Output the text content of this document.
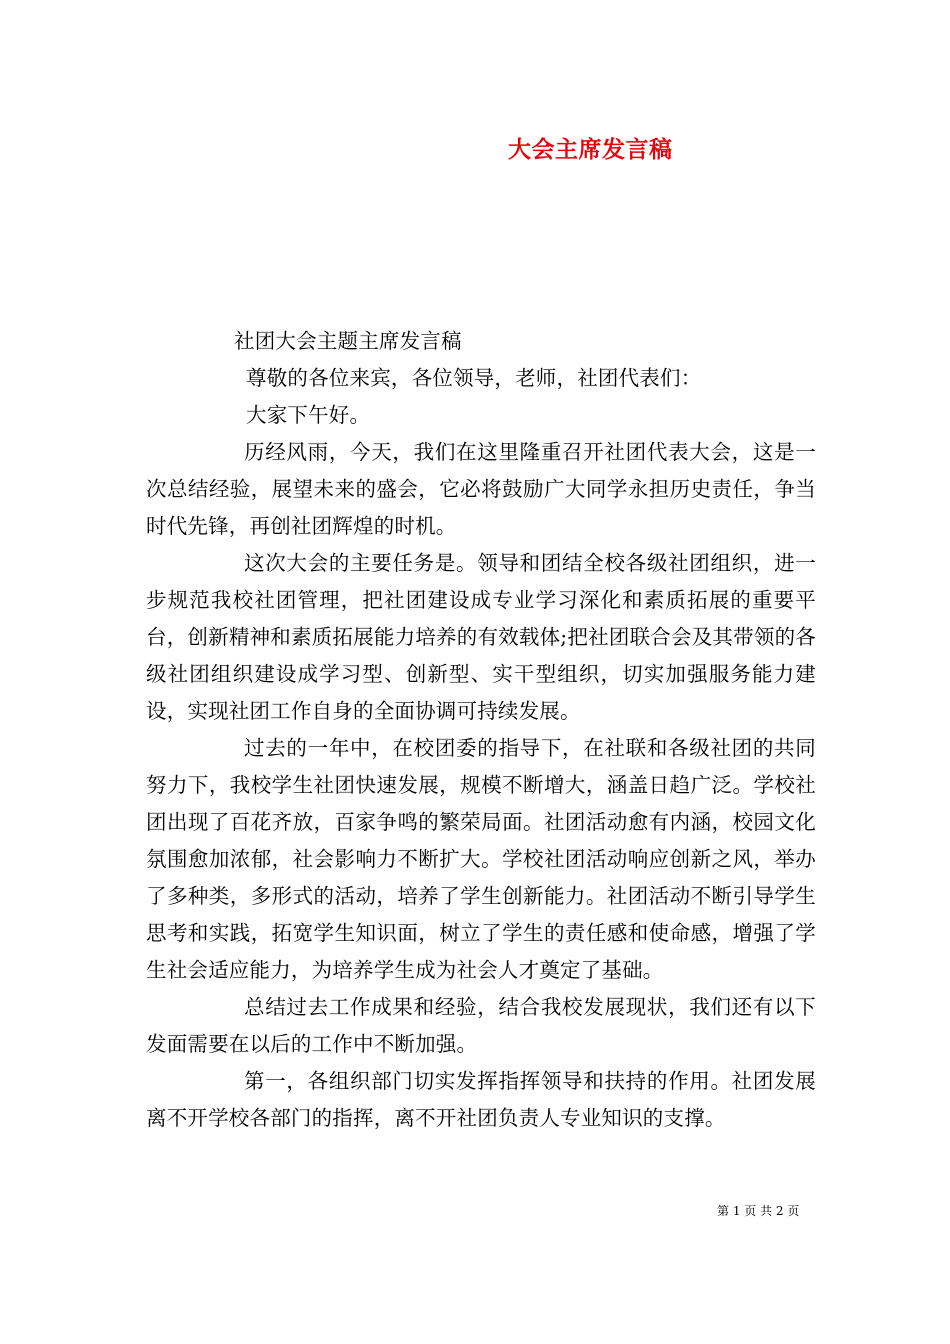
大会主席发言稿

社团大会主题主席发言稿

尊敬的各位来宾，各位领导，老师，社团代表们：

大家下午好。

历经风雨，今天，我们在这里隆重召开社团代表大会，这是一次总结经验，展望未来的盛会，它必将鼓励广大同学永担历史责任，争当时代先锋，再创社团辉煌的时机。

这次大会的主要任务是。领导和团结全校各级社团组织，进一步规范我校社团管理，把社团建设成专业学习深化和素质拓展的重要平台，创新精神和素质拓展能力培养的有效载体;把社团联合会及其带领的各级社团组织建设成学习型、创新型、实干型组织，切实加强服务能力建设，实现社团工作自身的全面协调可持续发展。

过去的一年中，在校团委的指导下，在社联和各级社团的共同努力下，我校学生社团快速发展，规模不断增大，涵盖日趋广泛。学校社团出现了百花齐放，百家争鸣的繁荣局面。社团活动愈有内涵，校园文化氛围愈加浓郁，社会影响力不断扩大。学校社团活动响应创新之风，举办了多种类，多形式的活动，培养了学生创新能力。社团活动不断引导学生思考和实践，拓宽学生知识面，树立了学生的责任感和使命感，增强了学生社会适应能力，为培养学生成为社会人才奠定了基础。

总结过去工作成果和经验，结合我校发展现状，我们还有以下发面需要在以后的工作中不断加强。

第一，各组织部门切实发挥指挥领导和扶持的作用。社团发展离不开学校各部门的指挥，离不开社团负责人专业知识的支撑。

第 1 页 共 2 页
